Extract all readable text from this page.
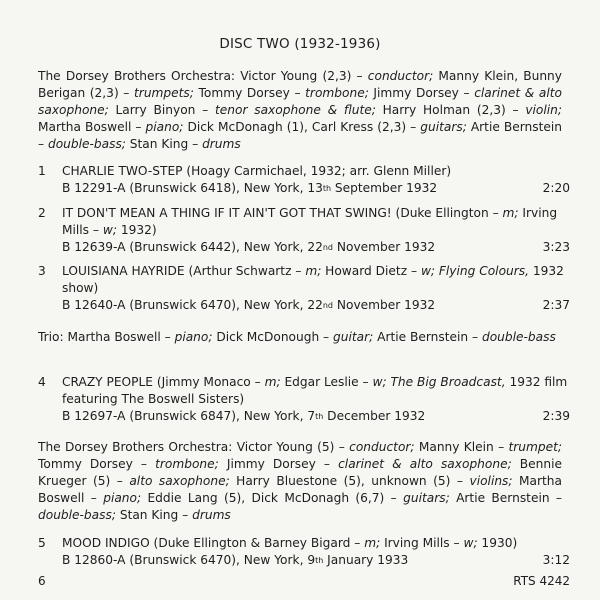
DISC TWO (1932-1936)
The Dorsey Brothers Orchestra: Victor Young (2,3) – conductor; Manny Klein, Bunny Berigan (2,3) – trumpets; Tommy Dorsey – trombone; Jimmy Dorsey – clarinet & alto saxophone; Larry Binyon – tenor saxophone & flute; Harry Holman (2,3) – violin; Martha Boswell – piano; Dick McDonagh (1), Carl Kress (2,3) – guitars; Artie Bernstein – double-bass; Stan King – drums
1	CHARLIE TWO-STEP (Hoagy Carmichael, 1932; arr. Glenn Miller)
B 12291-A (Brunswick 6418), New York, 13th September 1932	2:20
2	IT DON'T MEAN A THING IF IT AIN'T GOT THAT SWING! (Duke Ellington – m; Irving Mills – w; 1932)
B 12639-A (Brunswick 6442), New York, 22nd November 1932	3:23
3	LOUISIANA HAYRIDE (Arthur Schwartz – m; Howard Dietz – w; Flying Colours, 1932 show)
B 12640-A (Brunswick 6470), New York, 22nd November 1932	2:37
Trio: Martha Boswell – piano; Dick McDonough – guitar; Artie Bernstein – double-bass
4	CRAZY PEOPLE (Jimmy Monaco – m; Edgar Leslie – w; The Big Broadcast, 1932 film featuring The Boswell Sisters)
B 12697-A (Brunswick 6847), New York, 7th December 1932	2:39
The Dorsey Brothers Orchestra: Victor Young (5) – conductor; Manny Klein – trumpet; Tommy Dorsey – trombone; Jimmy Dorsey – clarinet & alto saxophone; Bennie Krueger (5) – alto saxophone; Harry Bluestone (5), unknown (5) – violins; Martha Boswell – piano; Eddie Lang (5), Dick McDonagh (6,7) – guitars; Artie Bernstein – double-bass; Stan King – drums
5	MOOD INDIGO (Duke Ellington & Barney Bigard – m; Irving Mills – w; 1930)
B 12860-A (Brunswick 6470), New York, 9th January 1933	3:12
6	RTS 4242
